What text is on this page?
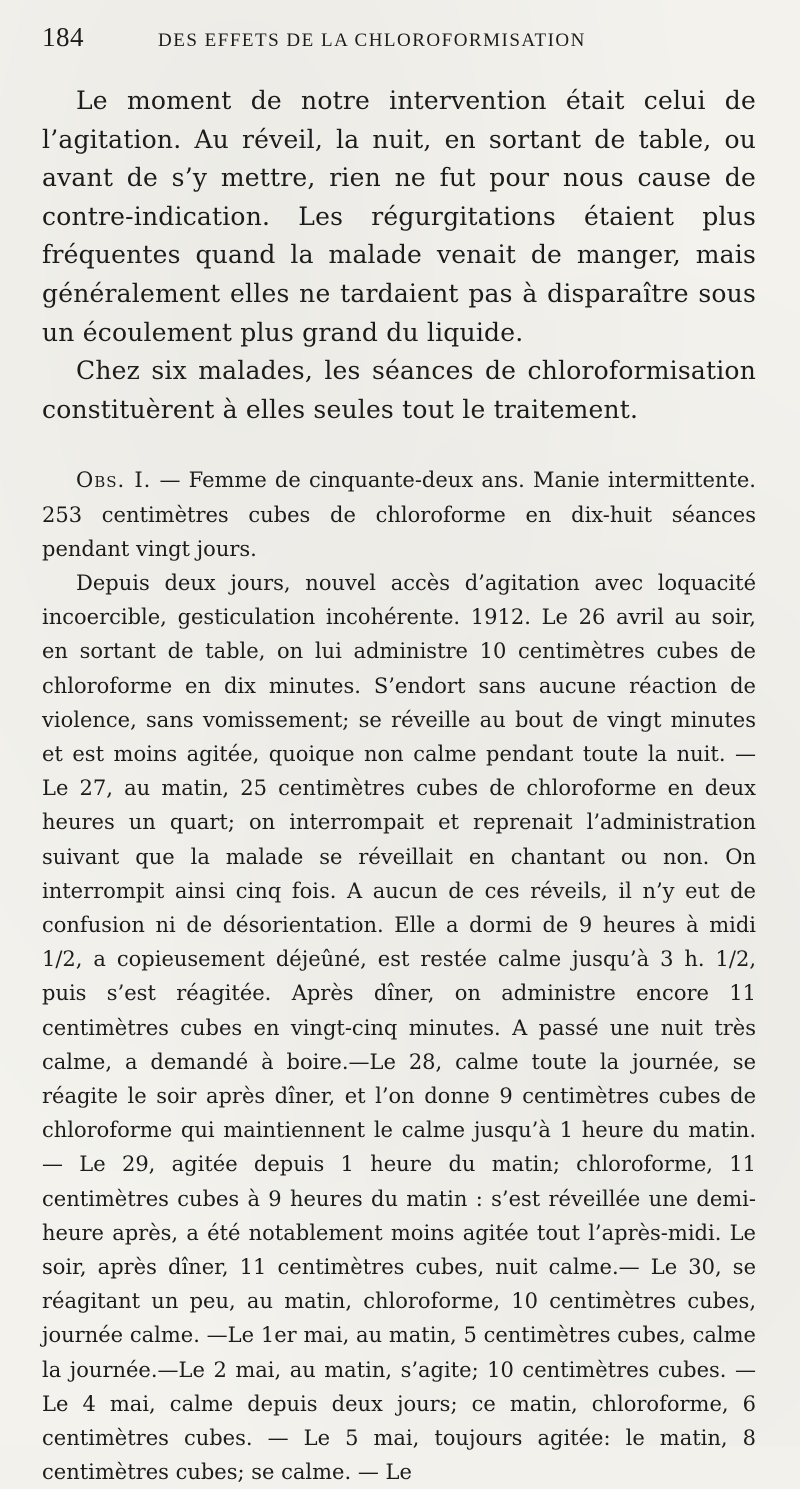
184	DES EFFETS DE LA CHLOROFORMISATION

Le moment de notre intervention était celui de l’agitation. Au réveil, la nuit, en sortant de table, ou avant de s’y mettre, rien ne fut pour nous cause de contre-indication. Les régurgitations étaient plus fréquentes quand la malade venait de manger, mais généralement elles ne tardaient pas à disparaître sous un écoulement plus grand du liquide.

Chez six malades, les séances de chloroformisation constituèrent à elles seules tout le traitement.

Obs. I. — Femme de cinquante-deux ans. Manie intermittente. 253 centimètres cubes de chloroforme en dix-huit séances pendant vingt jours.

Depuis deux jours, nouvel accès d’agitation avec loquacité incoercible, gesticulation incohérente. 1912. Le 26 avril au soir, en sortant de table, on lui administre 10 centimètres cubes de chloroforme en dix minutes. S’endort sans aucune réaction de violence, sans vomissement; se réveille au bout de vingt minutes et est moins agitée, quoique non calme pendant toute la nuit. — Le 27, au matin, 25 centimètres cubes de chloroforme en deux heures un quart; on interrompait et reprenait l’administration suivant que la malade se réveillait en chantant ou non. On interrompit ainsi cinq fois. A aucun de ces réveils, il n’y eut de confusion ni de désorientation. Elle a dormi de 9 heures à midi 1/2, a copieusement déjeûné, est restée calme jusqu’à 3 h. 1/2, puis s’est réagitée. Après dîner, on administre encore 11 centimètres cubes en vingt-cinq minutes. A passé une nuit très calme, a demandé à boire.—Le 28, calme toute la journée, se réagite le soir après dîner, et l’on donne 9 centimètres cubes de chloroforme qui maintiennent le calme jusqu’à 1 heure du matin. — Le 29, agitée depuis 1 heure du matin; chloroforme, 11 centimètres cubes à 9 heures du matin : s’est réveillée une demi-heure après, a été notablement moins agitée tout l’après-midi. Le soir, après dîner, 11 centimètres cubes, nuit calme.— Le 30, se réagitant un peu, au matin, chloroforme, 10 centimètres cubes, journée calme. —Le 1er mai, au matin, 5 centimètres cubes, calme la journée.—Le 2 mai, au matin, s’agite; 10 centimètres cubes. — Le 4 mai, calme depuis deux jours; ce matin, chloroforme, 6 centimètres cubes. — Le 5 mai, toujours agitée: le matin, 8 centimètres cubes; se calme. — Le
